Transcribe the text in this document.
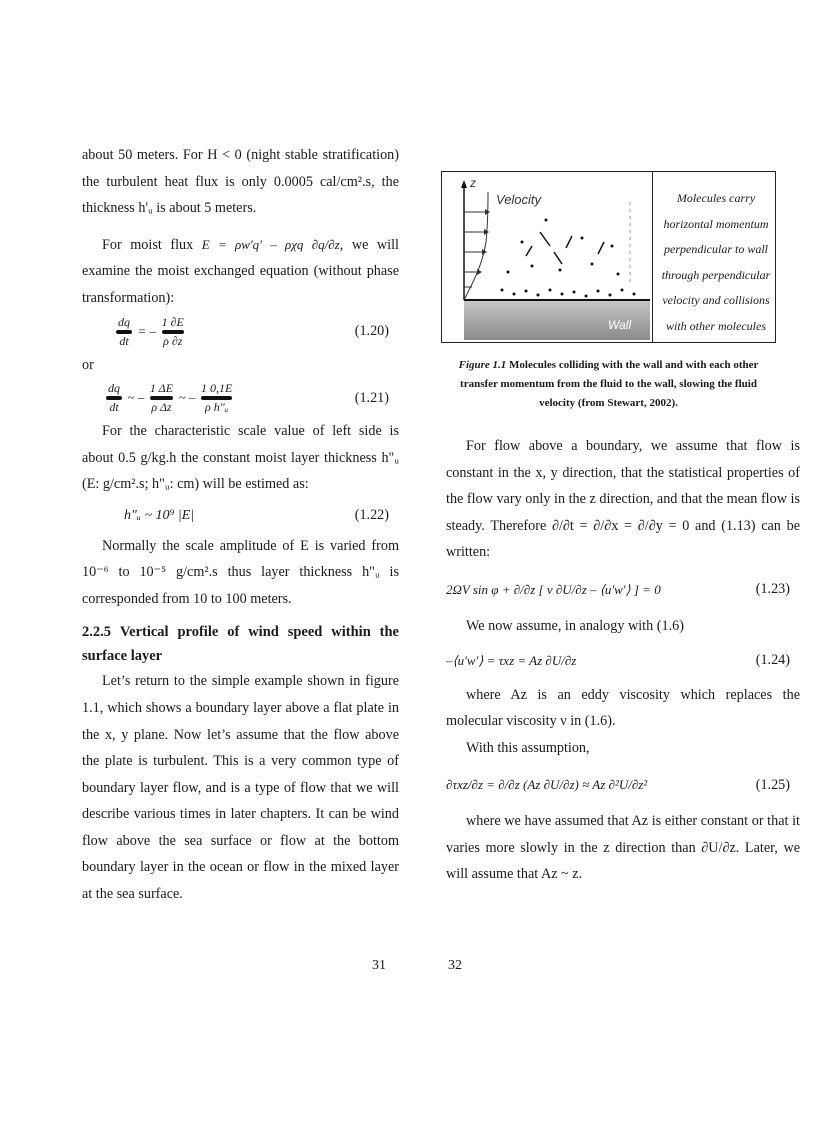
about 50 meters. For H < 0 (night stable stratification) the turbulent heat flux is only 0.0005 cal/cm².s, the thickness h'ᵤ is about 5 meters.

For moist flux E = ρw'q' – ρχq ∂q/∂z, we will examine the moist exchanged equation (without phase transformation):

$\frac{dq}{dt}$ = – $\frac{1 \partial E}{\rho \partial z}$	(1.20)

or

$\frac{dq}{dt}$ ~ – $\frac{1 \Delta E}{\text{ρ Δz}}$ ~ – $\frac{1 0,1E}{\text{ρ h"ᵤ}}$	(1.21)

For the characteristic scale value of left side is about 0.5 g/kg.h the constant moist layer thickness h"ᵤ (E: g/cm².s; h"ᵤ: cm) will be estimed as:

h"ᵤ ~ 10⁹ |E|	(1.22)

Normally the scale amplitude of E is varied from 10⁻⁶ to 10⁻⁵ g/cm².s thus layer thickness h"ᵤ is corresponded from 10 to 100 meters.

2.2.5 Vertical profile of wind speed within the surface layer

Let’s return to the simple example shown in figure 1.1, which shows a boundary layer above a flat plate in the x, y plane. Now let’s assume that the flow above the plate is turbulent. This is a very common type of boundary layer flow, and is a type of flow that we will describe various times in later chapters. It can be wind flow above the sea surface or flow at the bottom boundary layer in the ocean or flow in the mixed layer at the sea surface.

31
z
Velocity
Wall
Molecules carry horizontal momentum perpendicular to wall through perpendicular velocity and collisions with other molecules
Figure 1.1 Molecules colliding with the wall and with each other transfer momentum from the fluid to the wall, slowing the fluid velocity (from Stewart, 2002).

For flow above a boundary, we assume that flow is constant in the x, y direction, that the statistical properties of the flow vary only in the z direction, and that the mean flow is steady. Therefore ∂/∂t = ∂/∂x = ∂/∂y = 0 and (1.13) can be written:

2ΩV sin φ + ∂/∂z [ ν ∂U/∂z – ⟨u'w'⟩ ] = 0	(1.23)

We now assume, in analogy with (1.6)

–⟨u'w'⟩ = τxz = Az ∂U/∂z	(1.24)

where Az is an eddy viscosity which replaces the molecular viscosity ν in (1.6).

With this assumption,

∂τxz/∂z = ∂/∂z (Az ∂U/∂z) ≈ Az ∂²U/∂z²	(1.25)

where we have assumed that Az is either constant or that it varies more slowly in the z direction than ∂U/∂z. Later, we will assume that Az ~ z.

32
